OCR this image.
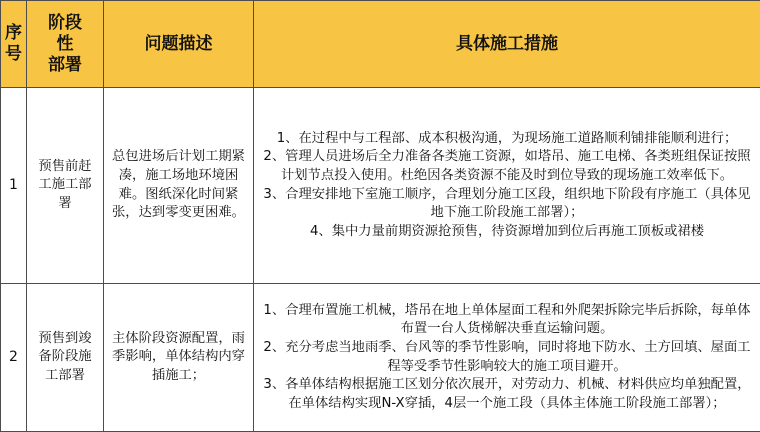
序
号	阶段
性
部署	问题描述	具体施工措施
1	预售前赶工施工部署	总包进场后计划工期紧凑，施工场地环境困难。图纸深化时间紧张，达到零变更困难。	1、在过程中与工程部、成本积极沟通，为现场施工道路顺利铺排能顺利进行；

2、管理人员进场后全力准备各类施工资源，如塔吊、施工电梯、各类班组保证按照计划节点投入使用。杜绝因各类资源不能及时到位导致的现场施工效率低下。

3、合理安排地下室施工顺序，合理划分施工区段，组织地下阶段有序施工（具体见地下施工阶段施工部署）；

4、集中力量前期资源抢预售，待资源增加到位后再施工顶板或裙楼

2	预售到竣备阶段施工部署	主体阶段资源配置，雨季影响，单体结构内穿插施工；	1、合理布置施工机械，塔吊在地上单体屋面工程和外爬架拆除完毕后拆除，每单体布置一台人货梯解决垂直运输问题。

2、充分考虑当地雨季、台风等的季节性影响，同时将地下防水、土方回填、屋面工程等受季节性影响较大的施工项目避开。

3、各单体结构根据施工区划分依次展开，对劳动力、机械、材料供应均单独配置，在单体结构实现N-X穿插，4层一个施工段（具体主体施工阶段施工部署）；
